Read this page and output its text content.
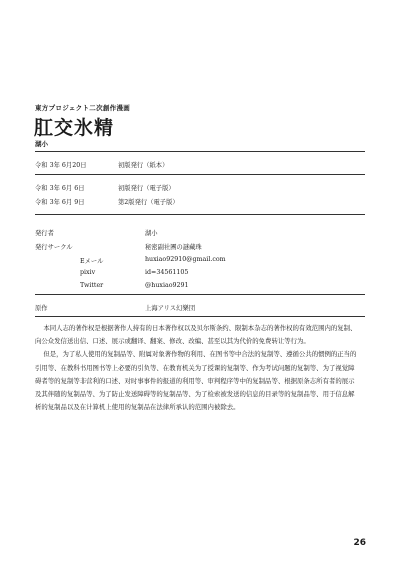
東方プロジェクト二次創作漫画
肛交氷精
湖小
令和 3年 6月20日	初版発行（紙本）
令和 3年 6月 6日	初版発行（電子版）
令和 3年 6月 9日	第2版発行（電子版）
発行者	湖小
発行サークル	秘密副社團の謎藏珠
Eメール	huxiao92910@gmail.com
pixiv	id=34561105
Twitter	@huxiao9291
原作	上海アリス幻樂団

本同人志的著作权是根据著作人持有的日本著作权以及贝尔斯条约、限制本杂志的著作权的有效范围内的复制、向公众发信送出信、口述、展示或翻译、翻案、修改、改编、甚至以其为代价的免费转让等行为。

但是，为了私人使用的复制品等、附属对象著作物的利用、在图书等中合法的复制等、遵循公共的惯例的正当的引用等、在教科书用图书等上必要的引负等、在教育机关为了授课的复制等、作为考试问题的复制等、为了视觉障碍者等的复制等非营利的口述、对时事事件的报道的利用等、审判程序等中的复制品等、根据原条志所有者的展示及其伴随的复制品等、为了防止发送障碍等的复制品等、为了检索被发送的信息的目录等的复制品等、用于信息解析的复制品以及在计算机上使用的复制品在法律所承认的范围内被除去。

26
